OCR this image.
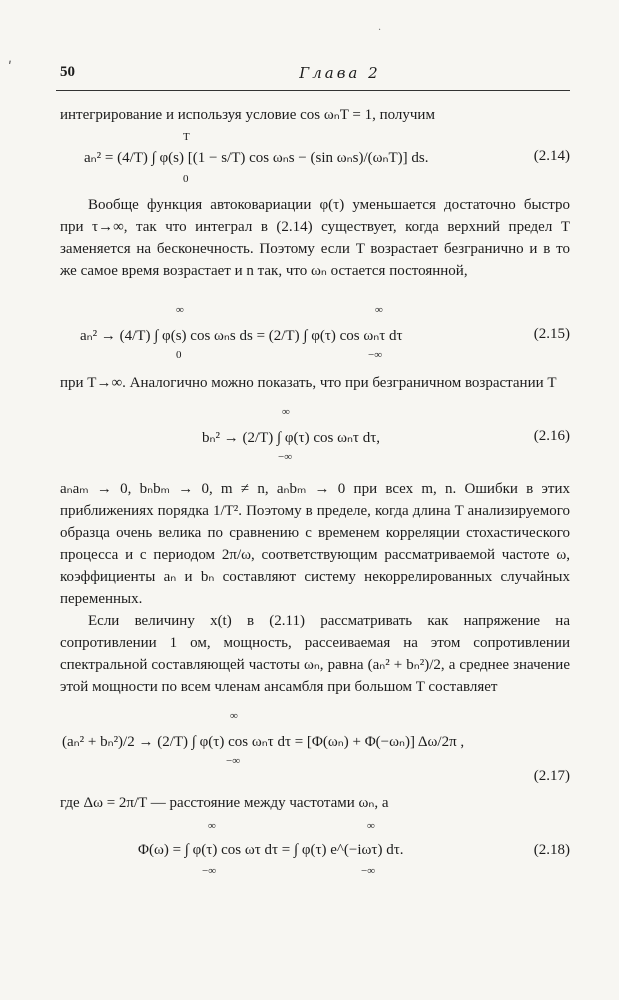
·
ʹ	50	Глава 2
интегрирование и используя условие cos ωₙT = 1, получим
T
0
aₙ² = (4/T) ∫ φ(s) [(1 − s/T) cos ωₙs − (sin ωₙs)/(ωₙT)] ds.	(2.14)
Вообще функция автоковариации φ(τ) уменьшается достаточно быстро при τ→∞, так что интеграл в (2.14) существует, когда верхний предел T заменяется на бесконечность. Поэтому если T возрастает безгранично и в то же самое время возрастает и n так, что ωₙ остается постоянной,
∞
0
∞
−∞
aₙ² → (4/T) ∫ φ(s) cos ωₙs ds = (2/T) ∫ φ(τ) cos ωₙτ dτ	(2.15)
при T→∞. Аналогично можно показать, что при безграничном возрастании T
∞
−∞
bₙ² → (2/T) ∫ φ(τ) cos ωₙτ dτ,	(2.16)
aₙaₘ → 0, bₙbₘ → 0, m ≠ n, aₙbₘ → 0 при всех m, n. Ошибки в этих приближениях порядка 1/T². Поэтому в пределе, когда длина T анализируемого образца очень велика по сравнению с временем корреляции стохастического процесса и с периодом 2π/ω, соответствующим рассматриваемой частоте ω, коэффициенты aₙ и bₙ составляют систему некоррелированных случайных переменных.
Если величину x(t) в (2.11) рассматривать как напряжение на сопротивлении 1 ом, мощность, рассеиваемая на этом сопротивлении спектральной составляющей частоты ωₙ, равна (aₙ² + bₙ²)/2, а среднее значение этой мощности по всем членам ансамбля при большом T составляет
∞
−∞
(aₙ² + bₙ²)/2 → (2/T) ∫ φ(τ) cos ωₙτ dτ = [Φ(ωₙ) + Φ(−ωₙ)] Δω/2π ,
(2.17)
где Δω = 2π/T — расстояние между частотами ωₙ, а
∞
−∞
∞
−∞
Φ(ω) = ∫ φ(τ) cos ωτ dτ = ∫ φ(τ) e^(−iωτ) dτ.	(2.18)
